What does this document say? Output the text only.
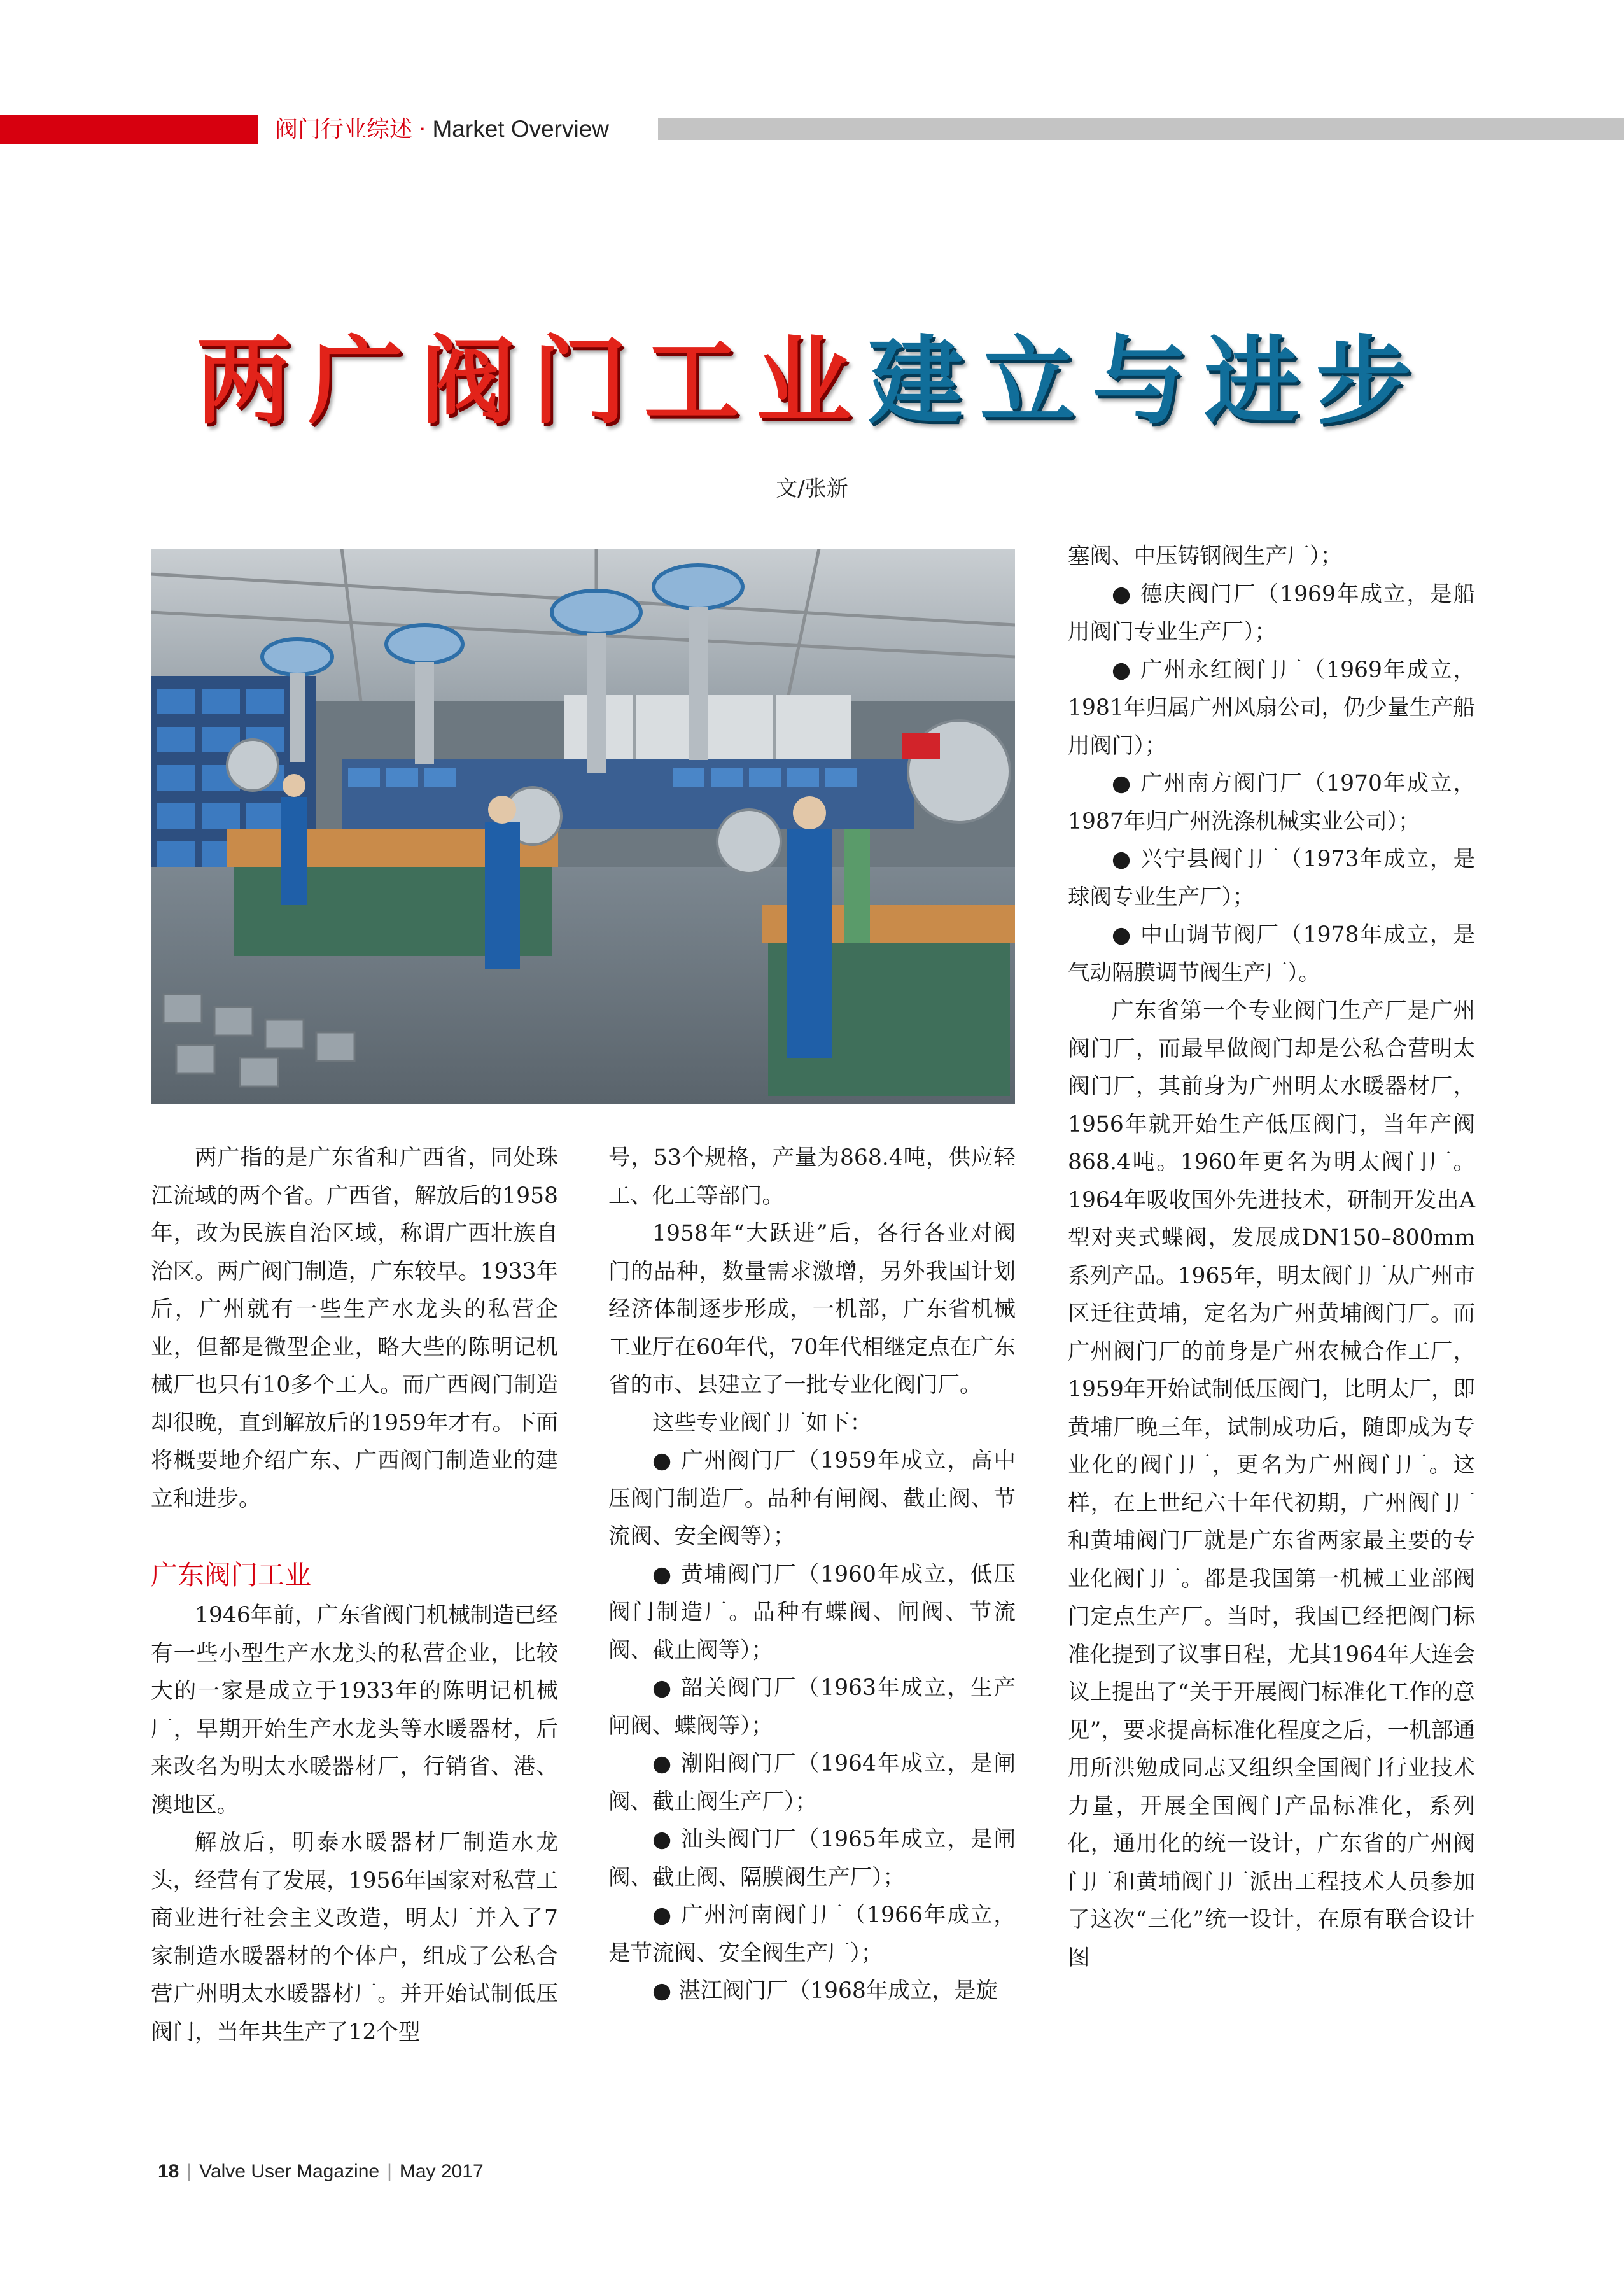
阀门行业综述 · Market Overview
两广阀门工业建立与进步
文/张新

两广指的是广东省和广西省，同处珠江流域的两个省。广西省，解放后的1958年，改为民族自治区域，称谓广西壮族自治区。两广阀门制造，广东较早。1933年后，广州就有一些生产水龙头的私营企业，但都是微型企业，略大些的陈明记机械厂也只有10多个工人。而广西阀门制造却很晚，直到解放后的1959年才有。下面将概要地介绍广东、广西阀门制造业的建立和进步。

广东阀门工业

1946年前，广东省阀门机械制造已经有一些小型生产水龙头的私营企业，比较大的一家是成立于1933年的陈明记机械厂，早期开始生产水龙头等水暖器材，后来改名为明太水暖器材厂，行销省、港、澳地区。

解放后，明泰水暖器材厂制造水龙头，经营有了发展，1956年国家对私营工商业进行社会主义改造，明太厂并入了7家制造水暖器材的个体户，组成了公私合营广州明太水暖器材厂。并开始试制低压阀门，当年共生产了12个型

号，53个规格，产量为868.4吨，供应轻工、化工等部门。

1958年“大跃进”后，各行各业对阀门的品种，数量需求激增，另外我国计划经济体制逐步形成，一机部，广东省机械工业厅在60年代，70年代相继定点在广东省的市、县建立了一批专业化阀门厂。

这些专业阀门厂如下：

● 广州阀门厂（1959年成立，高中压阀门制造厂。品种有闸阀、截止阀、节流阀、安全阀等）；

● 黄埔阀门厂（1960年成立，低压阀门制造厂。品种有蝶阀、闸阀、节流阀、截止阀等）；

● 韶关阀门厂（1963年成立，生产闸阀、蝶阀等）；

● 潮阳阀门厂（1964年成立，是闸阀、截止阀生产厂）；

● 汕头阀门厂（1965年成立，是闸阀、截止阀、隔膜阀生产厂）；

● 广州河南阀门厂（1966年成立，是节流阀、安全阀生产厂）；

● 湛江阀门厂（1968年成立，是旋

塞阀、中压铸钢阀生产厂）；

● 德庆阀门厂（1969年成立，是船用阀门专业生产厂）；

● 广州永红阀门厂（1969年成立，1981年归属广州风扇公司，仍少量生产船用阀门）；

● 广州南方阀门厂（1970年成立，1987年归广州洗涤机械实业公司）；

● 兴宁县阀门厂（1973年成立，是球阀专业生产厂）；

● 中山调节阀厂（1978年成立，是气动隔膜调节阀生产厂）。

广东省第一个专业阀门生产厂是广州阀门厂，而最早做阀门却是公私合营明太阀门厂，其前身为广州明太水暖器材厂，1956年就开始生产低压阀门，当年产阀868.4吨。1960年更名为明太阀门厂。1964年吸收国外先进技术，研制开发出A型对夹式蝶阀，发展成DN150–800mm系列产品。1965年，明太阀门厂从广州市区迁往黄埔，定名为广州黄埔阀门厂。而广州阀门厂的前身是广州农械合作工厂，1959年开始试制低压阀门，比明太厂，即黄埔厂晚三年，试制成功后，随即成为专业化的阀门厂，更名为广州阀门厂。这样，在上世纪六十年代初期，广州阀门厂和黄埔阀门厂就是广东省两家最主要的专业化阀门厂。都是我国第一机械工业部阀门定点生产厂。当时，我国已经把阀门标准化提到了议事日程，尤其1964年大连会议上提出了“关于开展阀门标准化工作的意见”，要求提高标准化程度之后，一机部通用所洪勉成同志又组织全国阀门行业技术力量，开展全国阀门产品标准化，系列化，通用化的统一设计，广东省的广州阀门厂和黄埔阀门厂派出工程技术人员参加了这次“三化”统一设计，在原有联合设计图

18 | Valve User Magazine | May 2017
